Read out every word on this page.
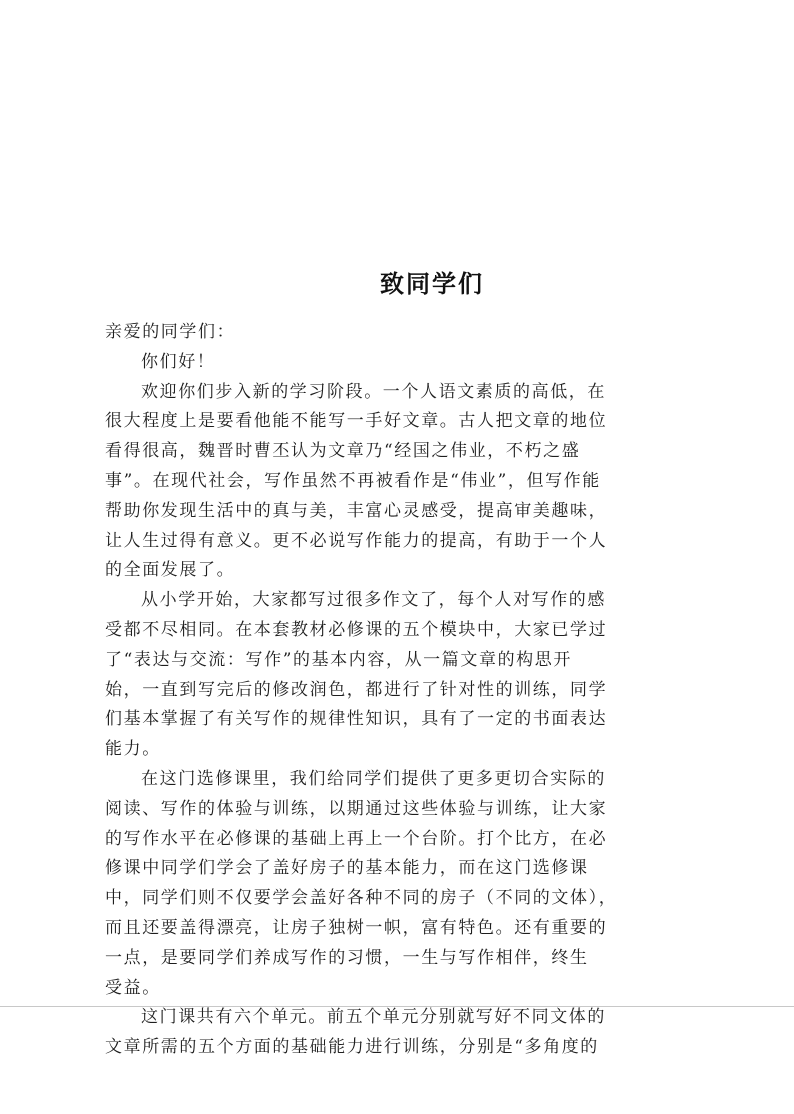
致同学们
亲爱的同学们：
你们好！
欢迎你们步入新的学习阶段。一个人语文素质的高低，在
很大程度上是要看他能不能写一手好文章。古人把文章的地位
看得很高，魏晋时曹丕认为文章乃“经国之伟业，不朽之盛
事”。在现代社会，写作虽然不再被看作是“伟业”，但写作能
帮助你发现生活中的真与美，丰富心灵感受，提高审美趣味，
让人生过得有意义。更不必说写作能力的提高，有助于一个人
的全面发展了。
从小学开始，大家都写过很多作文了，每个人对写作的感
受都不尽相同。在本套教材必修课的五个模块中，大家已学过
了“表达与交流：写作”的基本内容，从一篇文章的构思开
始，一直到写完后的修改润色，都进行了针对性的训练，同学
们基本掌握了有关写作的规律性知识，具有了一定的书面表达
能力。
在这门选修课里，我们给同学们提供了更多更切合实际的
阅读、写作的体验与训练，以期通过这些体验与训练，让大家
的写作水平在必修课的基础上再上一个台阶。打个比方，在必
修课中同学们学会了盖好房子的基本能力，而在这门选修课
中，同学们则不仅要学会盖好各种不同的房子（不同的文体），
而且还要盖得漂亮，让房子独树一帜，富有特色。还有重要的
一点，是要同学们养成写作的习惯，一生与写作相伴，终生
受益。
这门课共有六个单元。前五个单元分别就写好不同文体的
文章所需的五个方面的基础能力进行训练，分别是“多角度的
